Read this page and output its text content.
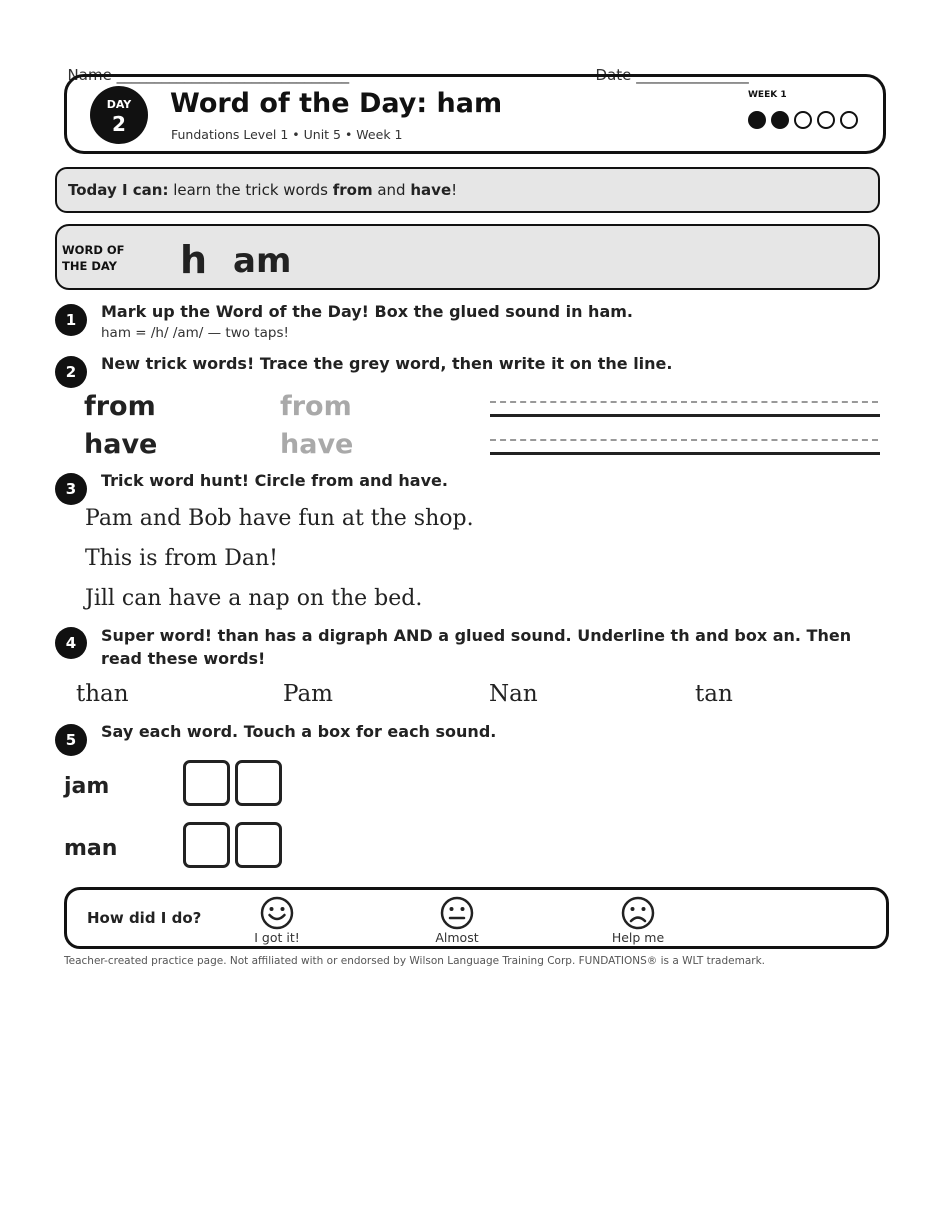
Name _______________________________	Date _______________

DAY
2
Word of the Day: ham
Fundations Level 1 • Unit 5 • Week 1
WEEK 1
Today I can: learn the trick words from and have!
WORD OF
THE DAY h am
1	Mark up the Word of the Day! Box the glued sound in ham.
ham = /h/ /am/ — two taps!
2	New trick words! Trace the grey word, then write it on the line.
from	from
have	have
3	Trick word hunt! Circle from and have.
Pam and Bob have fun at the shop.
This is from Dan!
Jill can have a nap on the bed.
4	Super word! than has a digraph AND a glued sound. Underline th and box an. Then
read these words!
than	Pam	Nan	tan
5	Say each word. Touch a box for each sound.
jam
man
How did I do?
I got it!	Almost	Help me
Teacher-created practice page. Not affiliated with or endorsed by Wilson Language Training Corp. FUNDATIONS® is a WLT trademark.
